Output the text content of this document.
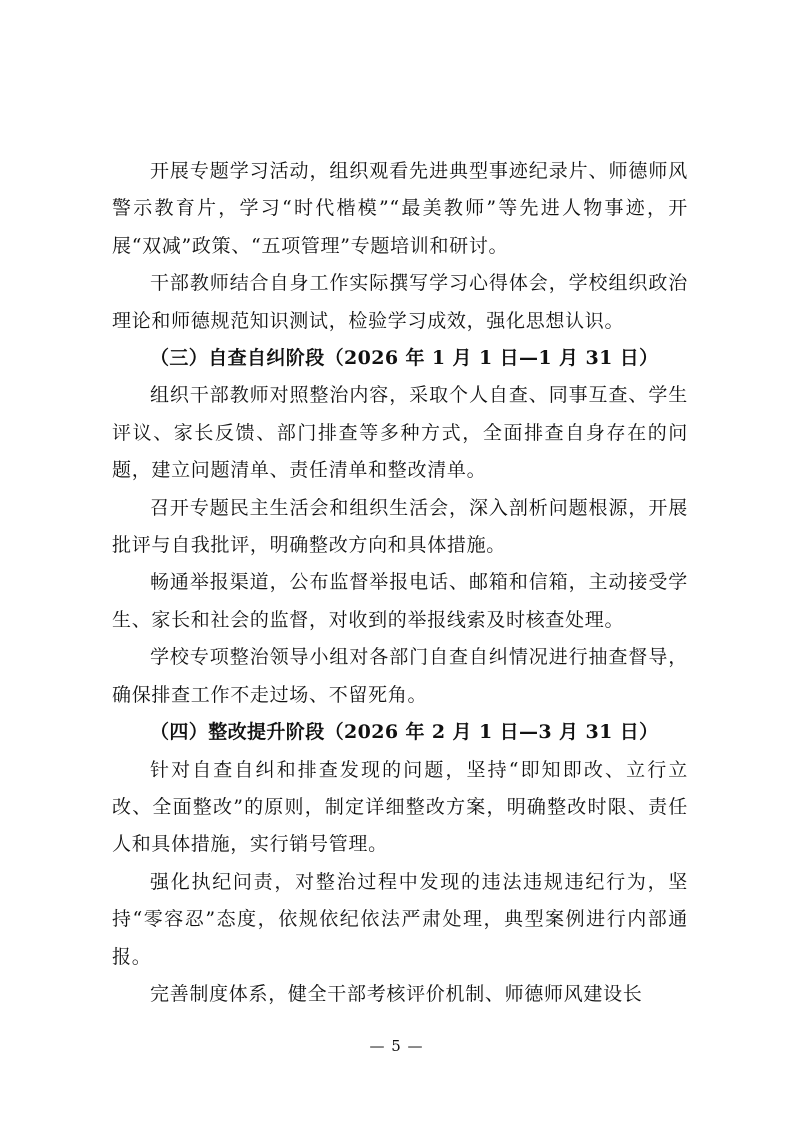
开展专题学习活动，组织观看先进典型事迹纪录片、师德师风警示教育片，学习“时代楷模”“最美教师”等先进人物事迹，开展“双减”政策、“五项管理”专题培训和研讨。

干部教师结合自身工作实际撰写学习心得体会，学校组织政治理论和师德规范知识测试，检验学习成效，强化思想认识。

（三）自查自纠阶段（2026 年 1 月 1 日—1 月 31 日）

组织干部教师对照整治内容，采取个人自查、同事互查、学生评议、家长反馈、部门排查等多种方式，全面排查自身存在的问题，建立问题清单、责任清单和整改清单。

召开专题民主生活会和组织生活会，深入剖析问题根源，开展批评与自我批评，明确整改方向和具体措施。

畅通举报渠道，公布监督举报电话、邮箱和信箱，主动接受学生、家长和社会的监督，对收到的举报线索及时核查处理。

学校专项整治领导小组对各部门自查自纠情况进行抽查督导，确保排查工作不走过场、不留死角。

（四）整改提升阶段（2026 年 2 月 1 日—3 月 31 日）

针对自查自纠和排查发现的问题，坚持“即知即改、立行立改、全面整改”的原则，制定详细整改方案，明确整改时限、责任人和具体措施，实行销号管理。

强化执纪问责，对整治过程中发现的违法违规违纪行为，坚持“零容忍”态度，依规依纪依法严肃处理，典型案例进行内部通报。

完善制度体系，健全干部考核评价机制、师德师风建设长

— 5 —
